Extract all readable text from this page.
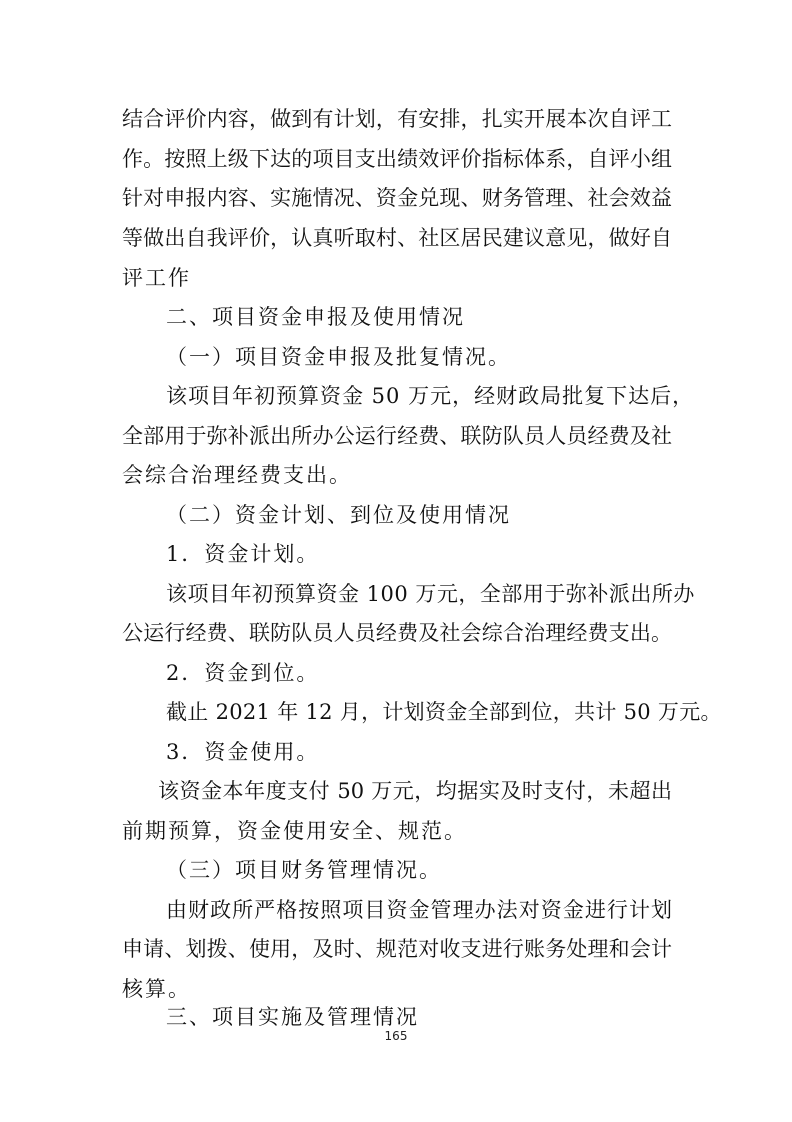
结合评价内容，做到有计划，有安排，扎实开展本次自评工
作。按照上级下达的项目支出绩效评价指标体系，自评小组
针对申报内容、实施情况、资金兑现、财务管理、社会效益
等做出自我评价，认真听取村、社区居民建议意见，做好自
评工作
二、项目资金申报及使用情况
（一）项目资金申报及批复情况。
该项目年初预算资金 50 万元，经财政局批复下达后，
全部用于弥补派出所办公运行经费、联防队员人员经费及社
会综合治理经费支出。
（二）资金计划、到位及使用情况
1．资金计划。
该项目年初预算资金 100 万元，全部用于弥补派出所办
公运行经费、联防队员人员经费及社会综合治理经费支出。
2．资金到位。
截止 2021 年 12 月，计划资金全部到位，共计 50 万元。
3．资金使用。
该资金本年度支付 50 万元，均据实及时支付，未超出
前期预算，资金使用安全、规范。
（三）项目财务管理情况。
由财政所严格按照项目资金管理办法对资金进行计划
申请、划拨、使用，及时、规范对收支进行账务处理和会计
核算。
三、项目实施及管理情况
165
